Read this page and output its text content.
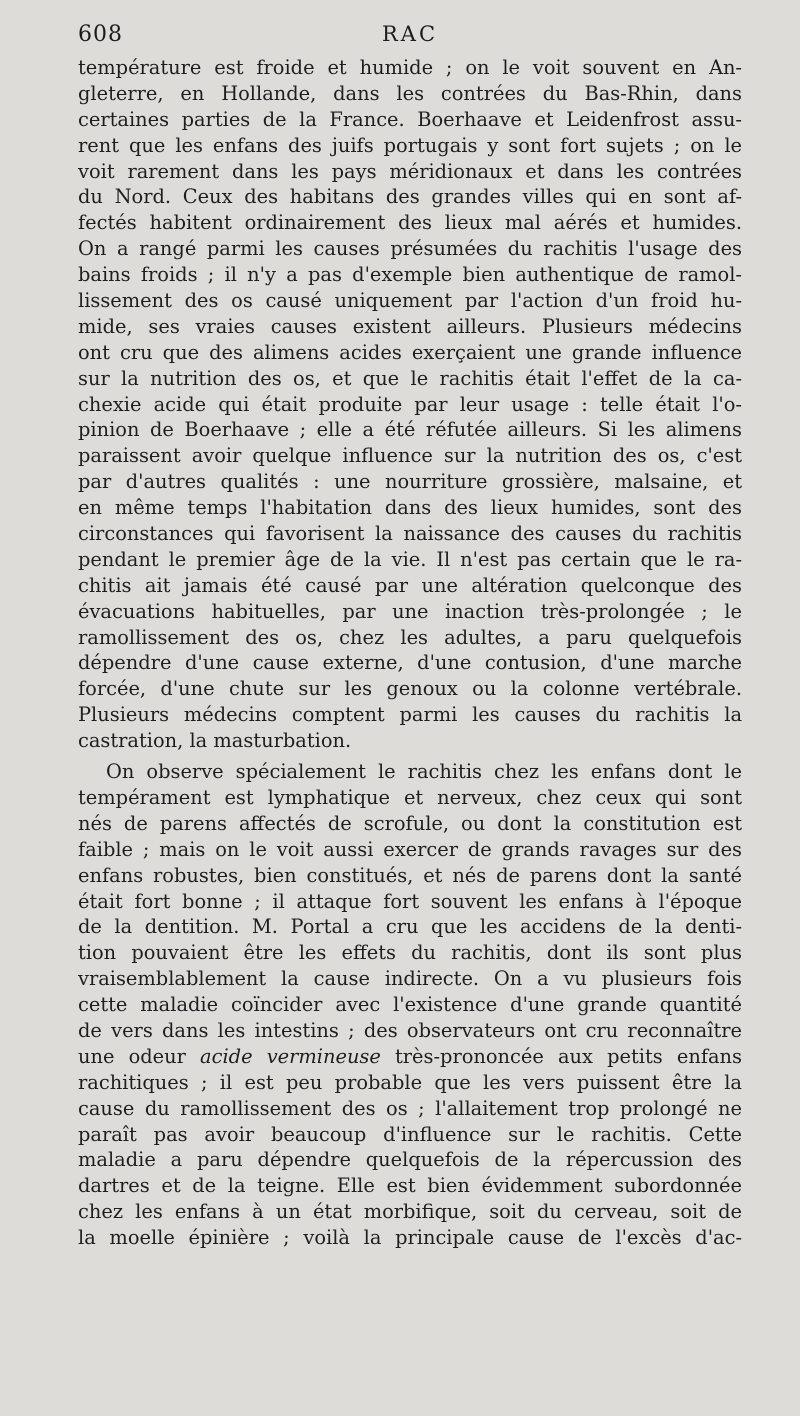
608	RAC
température est froide et humide ; on le voit souvent en An-
gleterre, en Hollande, dans les contrées du Bas-Rhin, dans
certaines parties de la France. Boerhaave et Leidenfrost assu-
rent que les enfans des juifs portugais y sont fort sujets ; on le
voit rarement dans les pays méridionaux et dans les contrées
du Nord. Ceux des habitans des grandes villes qui en sont af-
fectés habitent ordinairement des lieux mal aérés et humides.
On a rangé parmi les causes présumées du rachitis l'usage des
bains froids ; il n'y a pas d'exemple bien authentique de ramol-
lissement des os causé uniquement par l'action d'un froid hu-
mide, ses vraies causes existent ailleurs. Plusieurs médecins
ont cru que des alimens acides exerçaient une grande influence
sur la nutrition des os, et que le rachitis était l'effet de la ca-
chexie acide qui était produite par leur usage : telle était l'o-
pinion de Boerhaave ; elle a été réfutée ailleurs. Si les alimens
paraissent avoir quelque influence sur la nutrition des os, c'est
par d'autres qualités : une nourriture grossière, malsaine, et
en même temps l'habitation dans des lieux humides, sont des
circonstances qui favorisent la naissance des causes du rachitis
pendant le premier âge de la vie. Il n'est pas certain que le ra-
chitis ait jamais été causé par une altération quelconque des
évacuations habituelles, par une inaction très-prolongée ; le
ramollissement des os, chez les adultes, a paru quelquefois
dépendre d'une cause externe, d'une contusion, d'une marche
forcée, d'une chute sur les genoux ou la colonne vertébrale.
Plusieurs médecins comptent parmi les causes du rachitis la
castration, la masturbation.
On observe spécialement le rachitis chez les enfans dont le
tempérament est lymphatique et nerveux, chez ceux qui sont
nés de parens affectés de scrofule, ou dont la constitution est
faible ; mais on le voit aussi exercer de grands ravages sur des
enfans robustes, bien constitués, et nés de parens dont la santé
était fort bonne ; il attaque fort souvent les enfans à l'époque
de la dentition. M. Portal a cru que les accidens de la denti-
tion pouvaient être les effets du rachitis, dont ils sont plus
vraisemblablement la cause indirecte. On a vu plusieurs fois
cette maladie coïncider avec l'existence d'une grande quantité
de vers dans les intestins ; des observateurs ont cru reconnaître
une odeur acide vermineuse très-prononcée aux petits enfans
rachitiques ; il est peu probable que les vers puissent être la
cause du ramollissement des os ; l'allaitement trop prolongé ne
paraît pas avoir beaucoup d'influence sur le rachitis. Cette
maladie a paru dépendre quelquefois de la répercussion des
dartres et de la teigne. Elle est bien évidemment subordonnée
chez les enfans à un état morbifique, soit du cerveau, soit de
la moelle épinière ; voilà la principale cause de l'excès d'ac-
